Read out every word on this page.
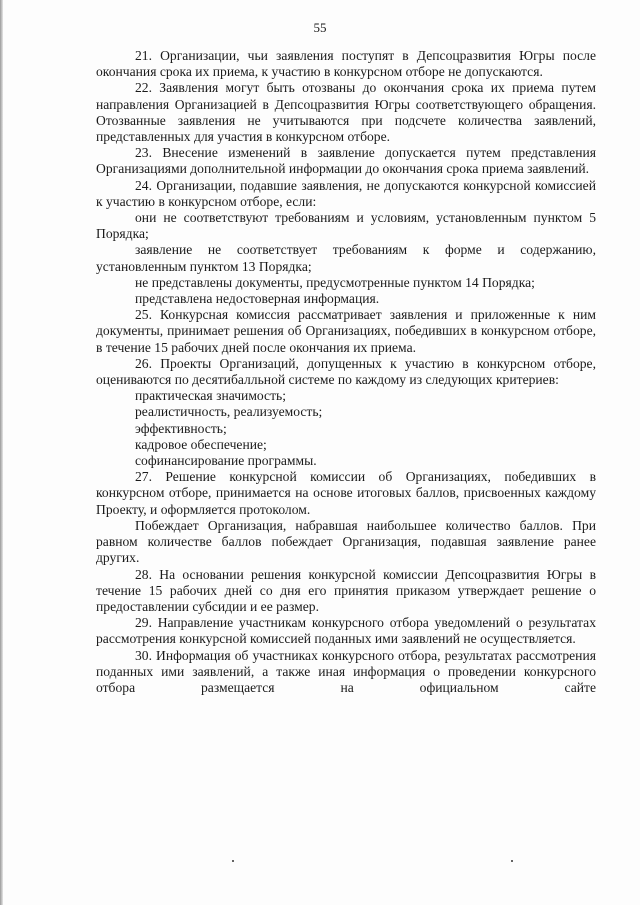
55

21. Организации, чьи заявления поступят в Депсоцразвития Югры после окончания срока их приема, к участию в конкурсном отборе не допускаются.

22. Заявления могут быть отозваны до окончания срока их приема путем направления Организацией в Депсоцразвития Югры соответствующего обращения. Отозванные заявления не учитываются при подсчете количества заявлений, представленных для участия в конкурсном отборе.

23. Внесение изменений в заявление допускается путем представления Организациями дополнительной информации до окончания срока приема заявлений.

24. Организации, подавшие заявления, не допускаются конкурсной комиссией к участию в конкурсном отборе, если:

они не соответствуют требованиям и условиям, установленным пунктом 5 Порядка;

заявление не соответствует требованиям к форме и содержанию, установленным пунктом 13 Порядка;

не представлены документы, предусмотренные пунктом 14 Порядка;

представлена недостоверная информация.

25. Конкурсная комиссия рассматривает заявления и приложенные к ним документы, принимает решения об Организациях, победивших в конкурсном отборе, в течение 15 рабочих дней после окончания их приема.

26. Проекты Организаций, допущенных к участию в конкурсном отборе, оцениваются по десятибалльной системе по каждому из следующих критериев:

практическая значимость;

реалистичность, реализуемость;

эффективность;

кадровое обеспечение;

софинансирование программы.

27. Решение конкурсной комиссии об Организациях, победивших в конкурсном отборе, принимается на основе итоговых баллов, присвоенных каждому Проекту, и оформляется протоколом.

Побеждает Организация, набравшая наибольшее количество баллов. При равном количестве баллов побеждает Организация, подавшая заявление ранее других.

28. На основании решения конкурсной комиссии Депсоцразвития Югры в течение 15 рабочих дней со дня его принятия приказом утверждает решение о предоставлении субсидии и ее размер.

29. Направление участникам конкурсного отбора уведомлений о результатах рассмотрения конкурсной комиссией поданных ими заявлений не осуществляется.

30. Информация об участниках конкурсного отбора, результатах рассмотрения поданных ими заявлений, а также иная информация о проведении конкурсного отбора размещается на официальном сайте
